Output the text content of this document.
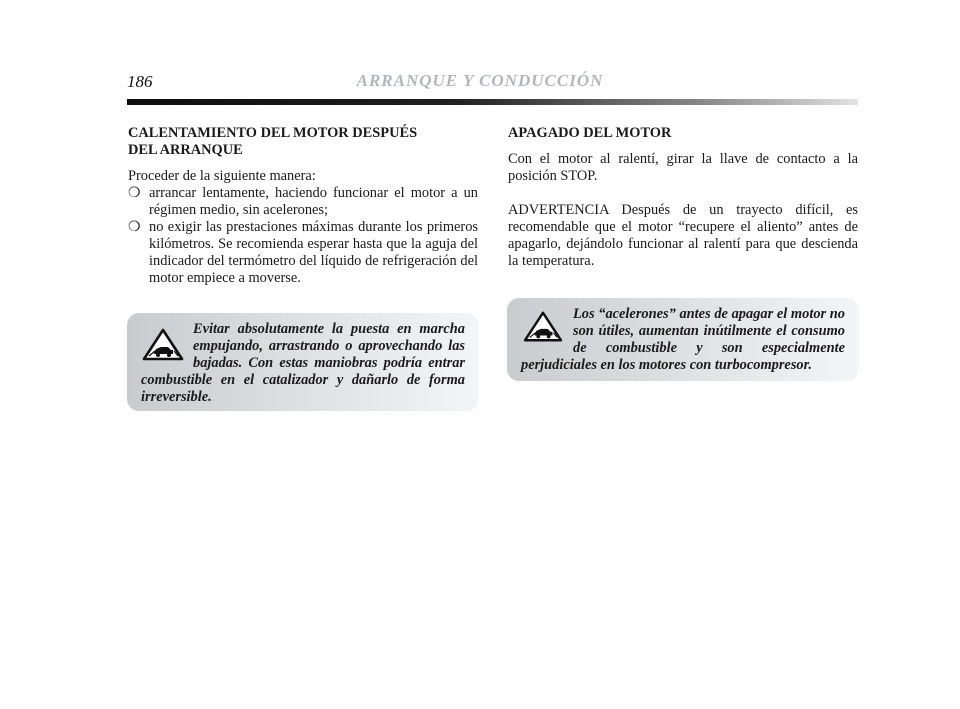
186	ARRANQUE Y CONDUCCIÓN
CALENTAMIENTO DEL MOTOR DESPUÉS
DEL ARRANQUE

Proceder de la siguiente manera:

❍ arrancar lentamente, haciendo funcionar el motor a un régimen medio, sin acelerones;
❍ no exigir las prestaciones máximas durante los primeros kilómetros. Se recomienda esperar hasta que la aguja del indicador del termómetro del líquido de refrigeración del motor empiece a moverse.
Evitar absolutamente la puesta en marcha empujando, arrastrando o aprovechando las bajadas. Con estas maniobras podría entrar combustible en el catalizador y dañarlo de forma irreversible.
APAGADO DEL MOTOR

Con el motor al ralentí, girar la llave de contacto a la posición STOP.

ADVERTENCIA Después de un trayecto difícil, es recomendable que el motor “recupere el aliento” antes de apagarlo, dejándolo funcionar al ralentí para que descienda la temperatura.

Los “acelerones” antes de apagar el motor no son útiles, aumentan inútilmente el consumo de combustible y son especialmente perjudiciales en los motores con turbocompresor.
